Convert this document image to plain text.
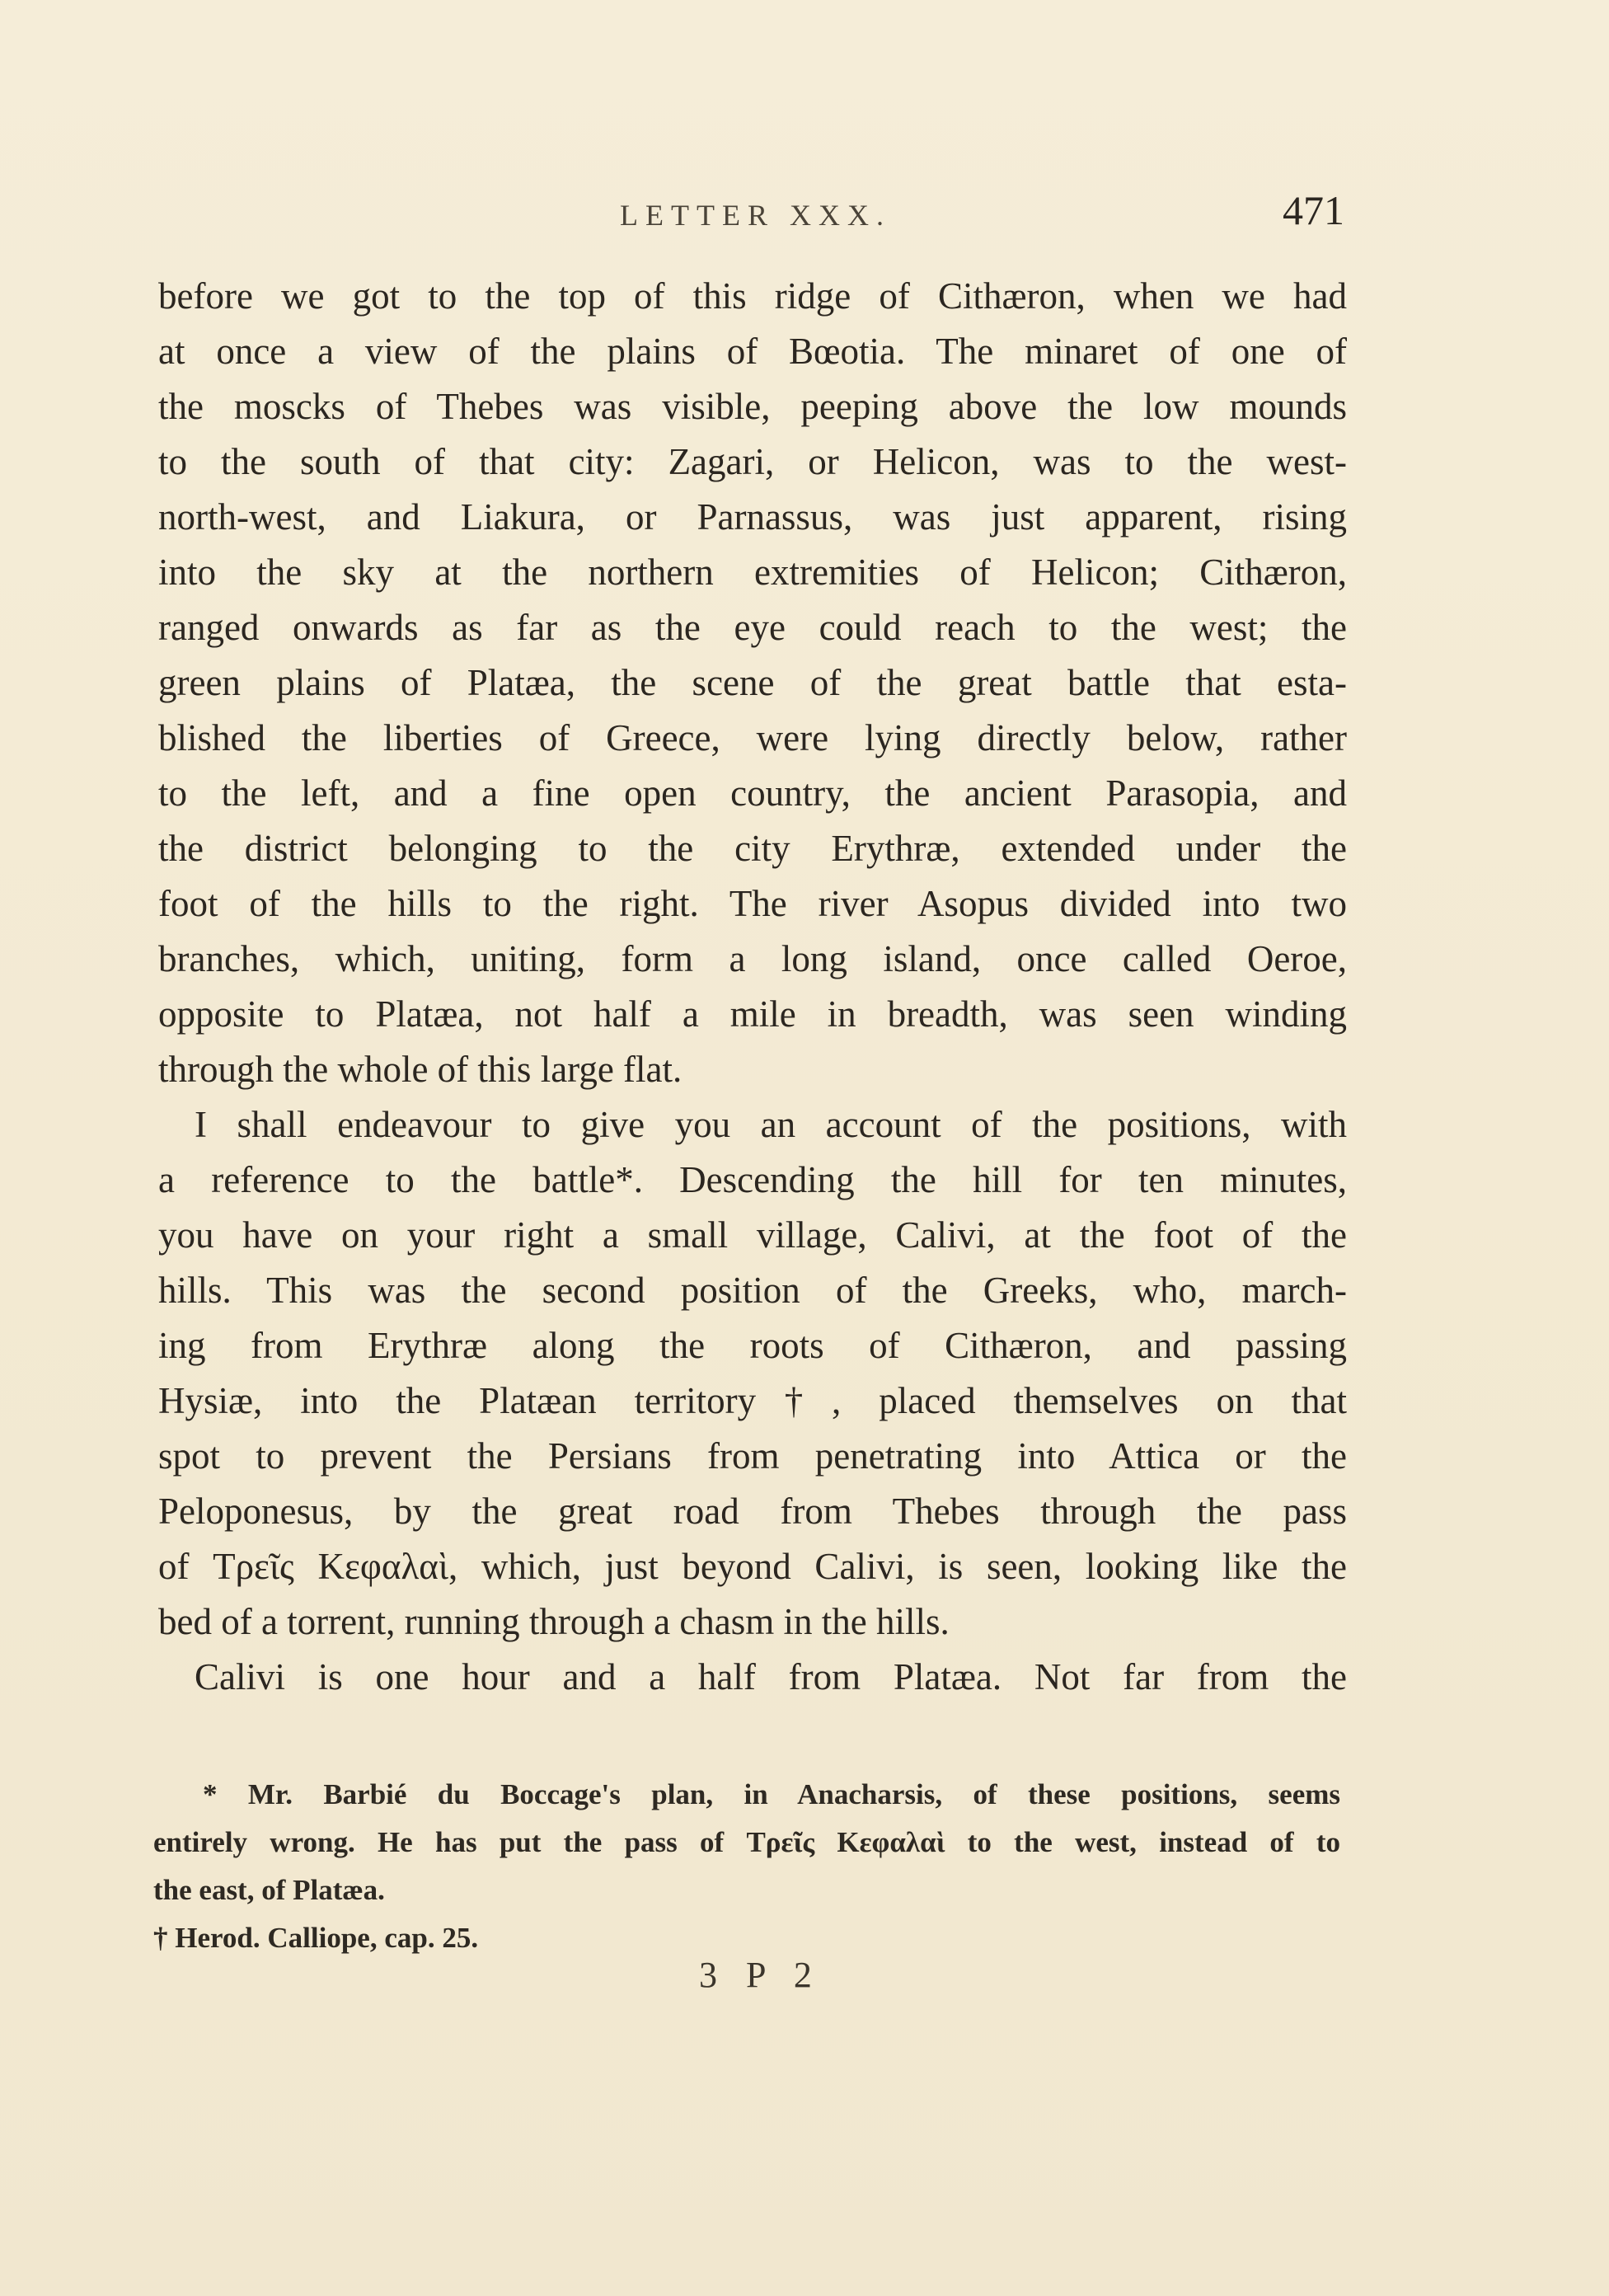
LETTER XXX.	471
before we got to the top of this ridge of Cithæron, when we had
at once a view of the plains of Bœotia. The minaret of one of
the moscks of Thebes was visible, peeping above the low mounds
to the south of that city: Zagari, or Helicon, was to the west-
north-west, and Liakura, or Parnassus, was just apparent, rising
into the sky at the northern extremities of Helicon; Cithæron,
ranged onwards as far as the eye could reach to the west; the
green plains of Platæa, the scene of the great battle that esta-
blished the liberties of Greece, were lying directly below, rather
to the left, and a fine open country, the ancient Parasopia, and
the district belonging to the city Erythræ, extended under the
foot of the hills to the right. The river Asopus divided into two
branches, which, uniting, form a long island, once called Oeroe,
opposite to Platæa, not half a mile in breadth, was seen winding
through the whole of this large flat.
I shall endeavour to give you an account of the positions, with
a reference to the battle*. Descending the hill for ten minutes,
you have on your right a small village, Calivi, at the foot of the
hills. This was the second position of the Greeks, who, march-
ing from Erythræ along the roots of Cithæron, and passing
Hysiæ, into the Platæan territory†, placed themselves on that
spot to prevent the Persians from penetrating into Attica or the
Peloponesus, by the great road from Thebes through the pass
of Τρεῖς Κεφαλαὶ, which, just beyond Calivi, is seen, looking like the
bed of a torrent, running through a chasm in the hills.
Calivi is one hour and a half from Platæa. Not far from the
* Mr. Barbié du Boccage's plan, in Anacharsis, of these positions, seems
entirely wrong. He has put the pass of Τρεῖς Κεφαλαὶ to the west, instead of to
the east, of Platæa.
† Herod. Calliope, cap. 25.
3 P 2
